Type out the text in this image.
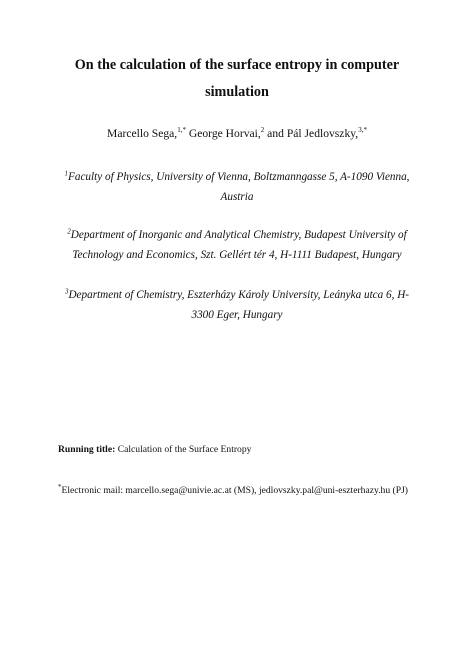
On the calculation of the surface entropy in computer
simulation
Marcello Sega,$^{1,*}$ George Horvai,$^2$ and Pál Jedlovszky,$^{3,*}$
$^1$Faculty of Physics, University of Vienna, Boltzmanngasse 5, A-1090 Vienna,
Austria
$^2$Department of Inorganic and Analytical Chemistry, Budapest University of
Technology and Economics, Szt. Gellért tér 4, H-1111 Budapest, Hungary
$^3$Department of Chemistry, Eszterházy Károly University, Leányka utca 6, H-
3300 Eger, Hungary
Running title: Calculation of the Surface Entropy
*Electronic mail: marcello.sega@univie.ac.at (MS), jedlovszky.pal@uni-eszterhazy.hu (PJ)
